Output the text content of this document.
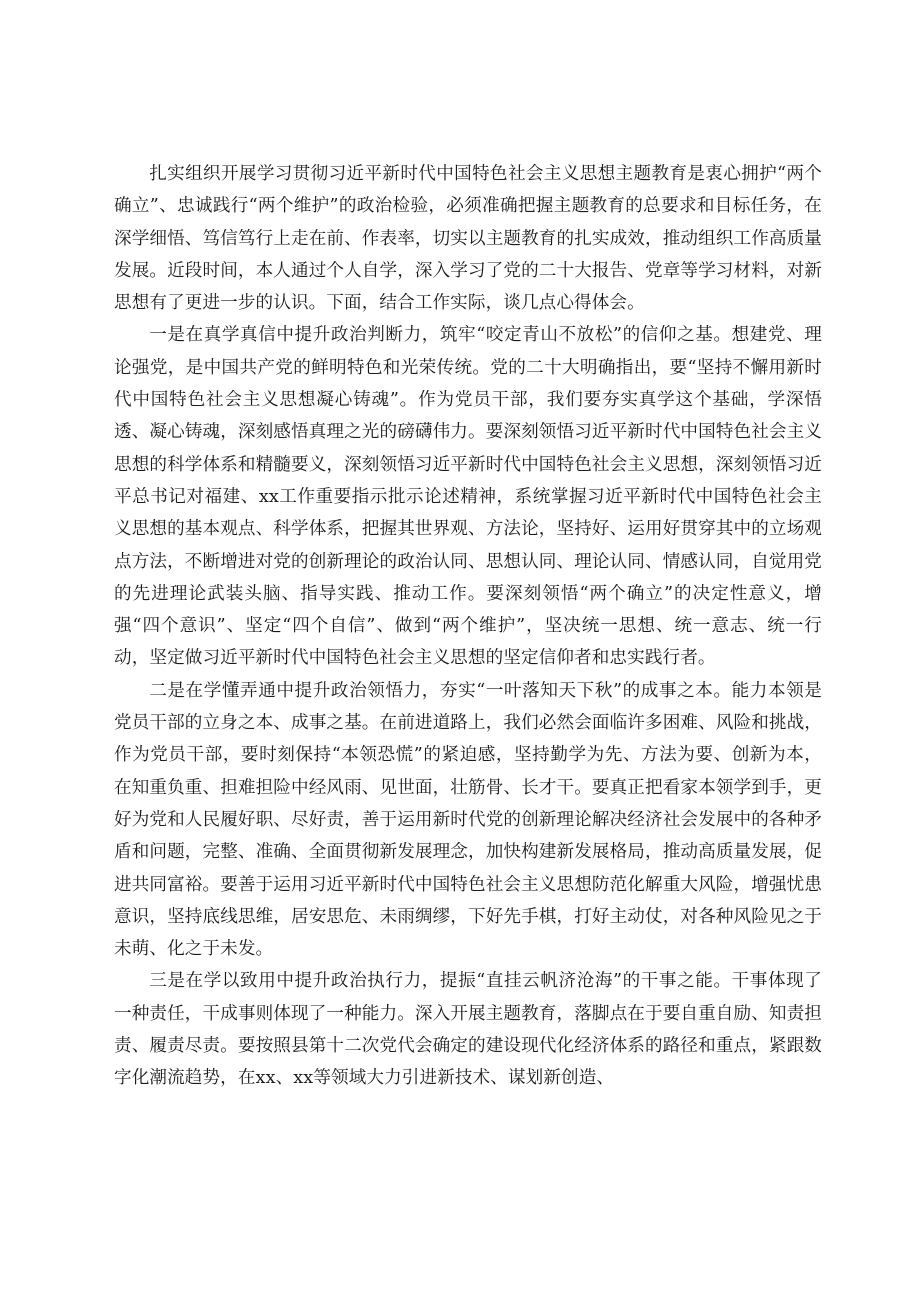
扎实组织开展学习贯彻习近平新时代中国特色社会主义思想主题教育是衷心拥护“两个确立”、忠诚践行“两个维护”的政治检验，必须准确把握主题教育的总要求和目标任务，在深学细悟、笃信笃行上走在前、作表率，切实以主题教育的扎实成效，推动组织工作高质量发展。近段时间，本人通过个人自学，深入学习了党的二十大报告、党章等学习材料，对新思想有了更进一步的认识。下面，结合工作实际，谈几点心得体会。

一是在真学真信中提升政治判断力，筑牢“咬定青山不放松”的信仰之基。想建党、理论强党，是中国共产党的鲜明特色和光荣传统。党的二十大明确指出，要“坚持不懈用新时代中国特色社会主义思想凝心铸魂”。作为党员干部，我们要夯实真学这个基础，学深悟透、凝心铸魂，深刻感悟真理之光的磅礴伟力。要深刻领悟习近平新时代中国特色社会主义思想的科学体系和精髓要义，深刻领悟习近平新时代中国特色社会主义思想，深刻领悟习近平总书记对福建、xx工作重要指示批示论述精神，系统掌握习近平新时代中国特色社会主义思想的基本观点、科学体系，把握其世界观、方法论，坚持好、运用好贯穿其中的立场观点方法，不断增进对党的创新理论的政治认同、思想认同、理论认同、情感认同，自觉用党的先进理论武装头脑、指导实践、推动工作。要深刻领悟“两个确立”的决定性意义，增强“四个意识”、坚定“四个自信”、做到“两个维护”，坚决统一思想、统一意志、统一行动，坚定做习近平新时代中国特色社会主义思想的坚定信仰者和忠实践行者。

二是在学懂弄通中提升政治领悟力，夯实“一叶落知天下秋”的成事之本。能力本领是党员干部的立身之本、成事之基。在前进道路上，我们必然会面临许多困难、风险和挑战，作为党员干部，要时刻保持“本领恐慌”的紧迫感，坚持勤学为先、方法为要、创新为本，在知重负重、担难担险中经风雨、见世面，壮筋骨、长才干。要真正把看家本领学到手，更好为党和人民履好职、尽好责，善于运用新时代党的创新理论解决经济社会发展中的各种矛盾和问题，完整、准确、全面贯彻新发展理念，加快构建新发展格局，推动高质量发展，促进共同富裕。要善于运用习近平新时代中国特色社会主义思想防范化解重大风险，增强忧患意识，坚持底线思维，居安思危、未雨绸缪，下好先手棋，打好主动仗，对各种风险见之于未萌、化之于未发。

三是在学以致用中提升政治执行力，提振“直挂云帆济沧海”的干事之能。干事体现了一种责任，干成事则体现了一种能力。深入开展主题教育，落脚点在于要自重自励、知责担责、履责尽责。要按照县第十二次党代会确定的建设现代化经济体系的路径和重点，紧跟数字化潮流趋势，在xx、xx等领域大力引进新技术、谋划新创造、
